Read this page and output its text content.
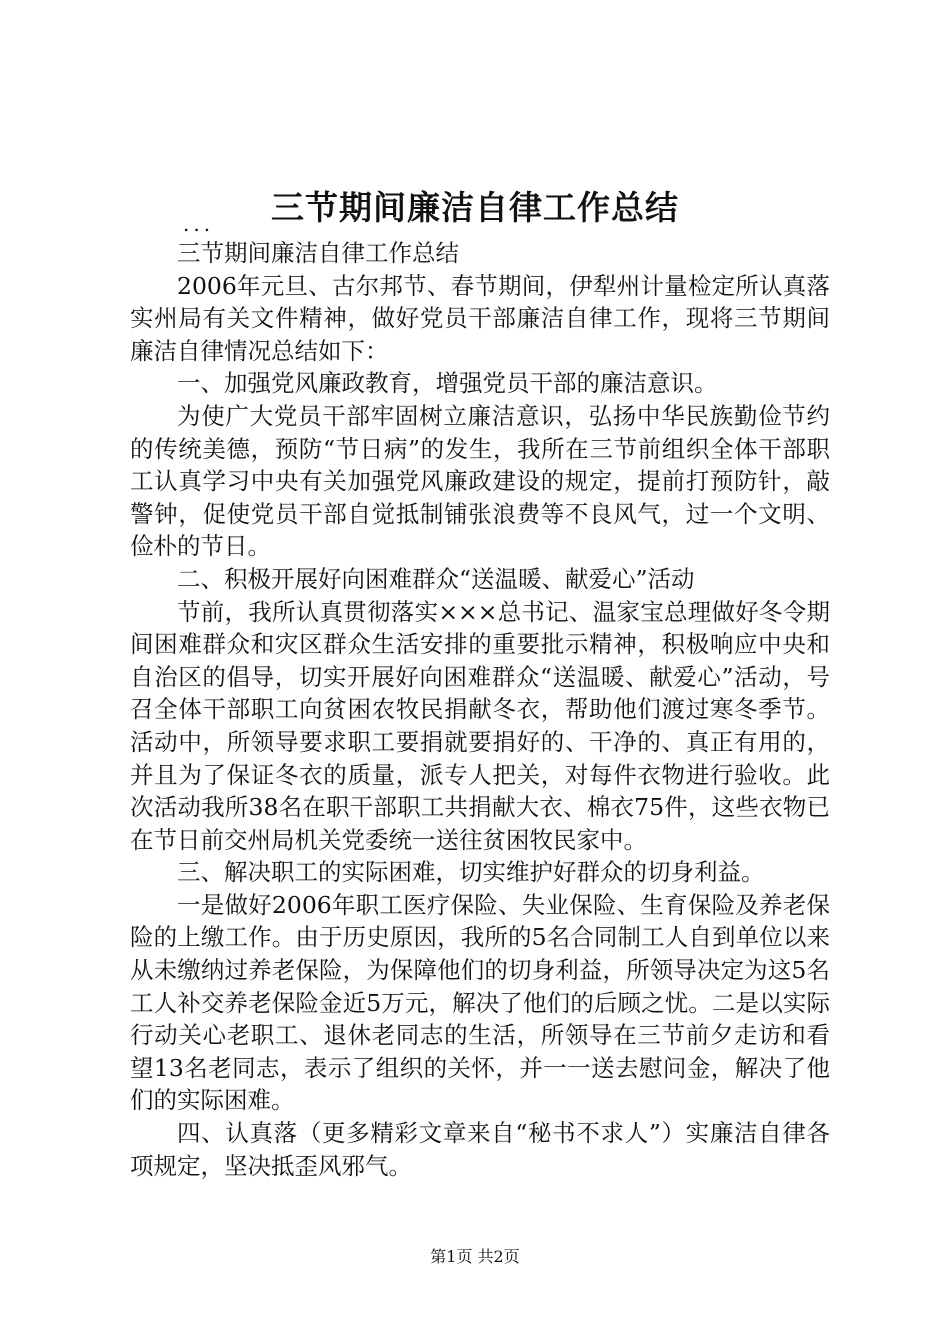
三节期间廉洁自律工作总结
...

三节期间廉洁自律工作总结

2006年元旦、古尔邦节、春节期间，伊犁州计量检定所认真落实州局有关文件精神，做好党员干部廉洁自律工作，现将三节期间廉洁自律情况总结如下：

一、加强党风廉政教育，增强党员干部的廉洁意识。

为使广大党员干部牢固树立廉洁意识，弘扬中华民族勤俭节约的传统美德，预防“节日病”的发生，我所在三节前组织全体干部职工认真学习中央有关加强党风廉政建设的规定，提前打预防针，敲警钟，促使党员干部自觉抵制铺张浪费等不良风气，过一个文明、俭朴的节日。

二、积极开展好向困难群众“送温暖、献爱心”活动

节前，我所认真贯彻落实×××总书记、温家宝总理做好冬令期间困难群众和灾区群众生活安排的重要批示精神，积极响应中央和自治区的倡导，切实开展好向困难群众“送温暖、献爱心”活动，号召全体干部职工向贫困农牧民捐献冬衣，帮助他们渡过寒冬季节。活动中，所领导要求职工要捐就要捐好的、干净的、真正有用的，并且为了保证冬衣的质量，派专人把关，对每件衣物进行验收。此次活动我所38名在职干部职工共捐献大衣、棉衣75件，这些衣物已在节日前交州局机关党委统一送往贫困牧民家中。

三、解决职工的实际困难，切实维护好群众的切身利益。

一是做好2006年职工医疗保险、失业保险、生育保险及养老保险的上缴工作。由于历史原因，我所的5名合同制工人自到单位以来从未缴纳过养老保险，为保障他们的切身利益，所领导决定为这5名工人补交养老保险金近5万元，解决了他们的后顾之忧。二是以实际行动关心老职工、退休老同志的生活，所领导在三节前夕走访和看望13名老同志，表示了组织的关怀，并一一送去慰问金，解决了他们的实际困难。

四、认真落（更多精彩文章来自“秘书不求人”）实廉洁自律各项规定，坚决抵歪风邪气。

第1页 共2页
